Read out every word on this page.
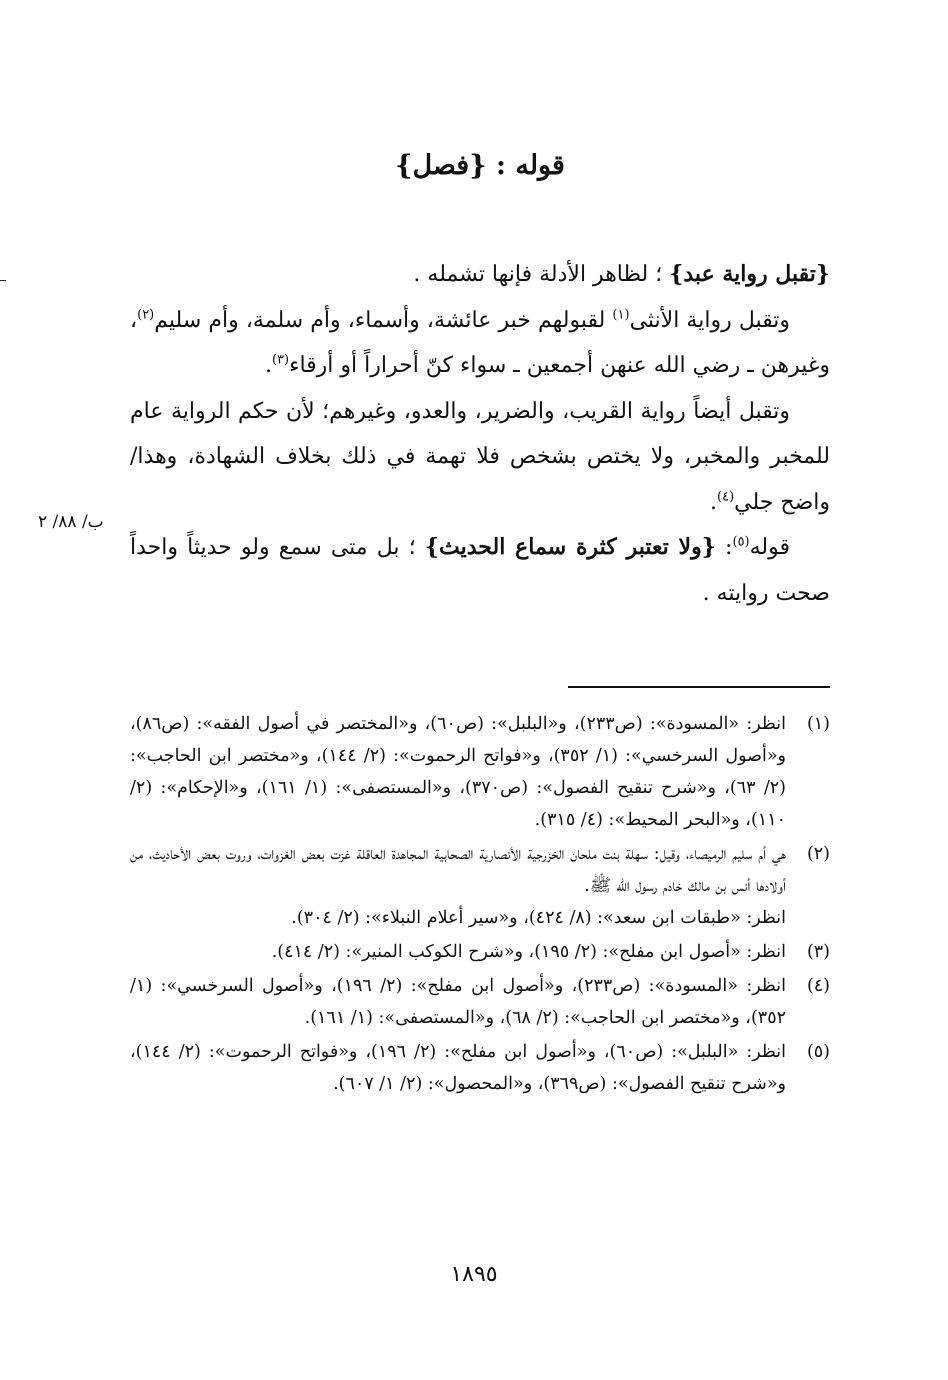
قوله : {فصل}

{تقبل رواية عبد} ؛ لظاهر الأدلة فإنها تشمله .

وتقبل رواية الأنثى$^{(١)}$ لقبولهم خبر عائشة، وأسماء، وأم سلمة، وأم سليم$^{(٢)}$، وغيرهن ـ رضي الله عنهن أجمعين ـ سواء كنّ أحراراً أو أرقاء$^{(٣)}$.

وتقبل أيضاً رواية القريب، والضرير، والعدو، وغيرهم؛ لأن حكم الرواية عام للمخبر والمخبر، ولا يختص بشخص فلا تهمة في ذلك بخلاف الشهادة، وهذا/ واضح جلي$^{(٤)}$.

قوله$^{(٥)}$: {ولا تعتبر كثرة سماع الحديث} ؛ بل متى سمع ولو حديثاً واحداً صحت روايته .

ب/ ٨٨/ ٢
(١)

انظر: «المسودة»: (ص٢٣٣)، و«البلبل»: (ص٦٠)، و«المختصر في أصول الفقه»: (ص٨٦)، و«أصول السرخسي»: (١/ ٣٥٢)، و«فواتح الرحموت»: (٢/ ١٤٤)، و«مختصر ابن الحاجب»: (٢/ ٦٣)، و«شرح تنقيح الفصول»: (ص٣٧٠)، و«المستصفى»: (١/ ١٦١)، و«الإحكام»: (٢/ ١١٠)، و«البحر المحيط»: (٤/ ٣١٥).

(٢)

هي أم سليم الرميصاء، وقيل: سهلة بنت ملحان الخزرجية الأنصارية الصحابية المجاهدة العاقلة غزت بعض الغزوات، وروت بعض الأحاديث، من أولادها أنس بن مالك خادم رسول الله ﷺ.

انظر: «طبقات ابن سعد»: (٨/ ٤٢٤)، و«سير أعلام النبلاء»: (٢/ ٣٠٤).

(٣)

انظر: «أصول ابن مفلح»: (٢/ ١٩٥)، و«شرح الكوكب المنير»: (٢/ ٤١٤).

(٤)

انظر: «المسودة»: (ص٢٣٣)، و«أصول ابن مفلح»: (٢/ ١٩٦)، و«أصول السرخسي»: (١/ ٣٥٢)، و«مختصر ابن الحاجب»: (٢/ ٦٨)، و«المستصفى»: (١/ ١٦١).

(٥)

انظر: «البلبل»: (ص٦٠)، و«أصول ابن مفلح»: (٢/ ١٩٦)، و«فواتح الرحموت»: (٢/ ١٤٤)، و«شرح تنقيح الفصول»: (ص٣٦٩)، و«المحصول»: (٢/ ١/ ٦٠٧).

١٨٩٥
